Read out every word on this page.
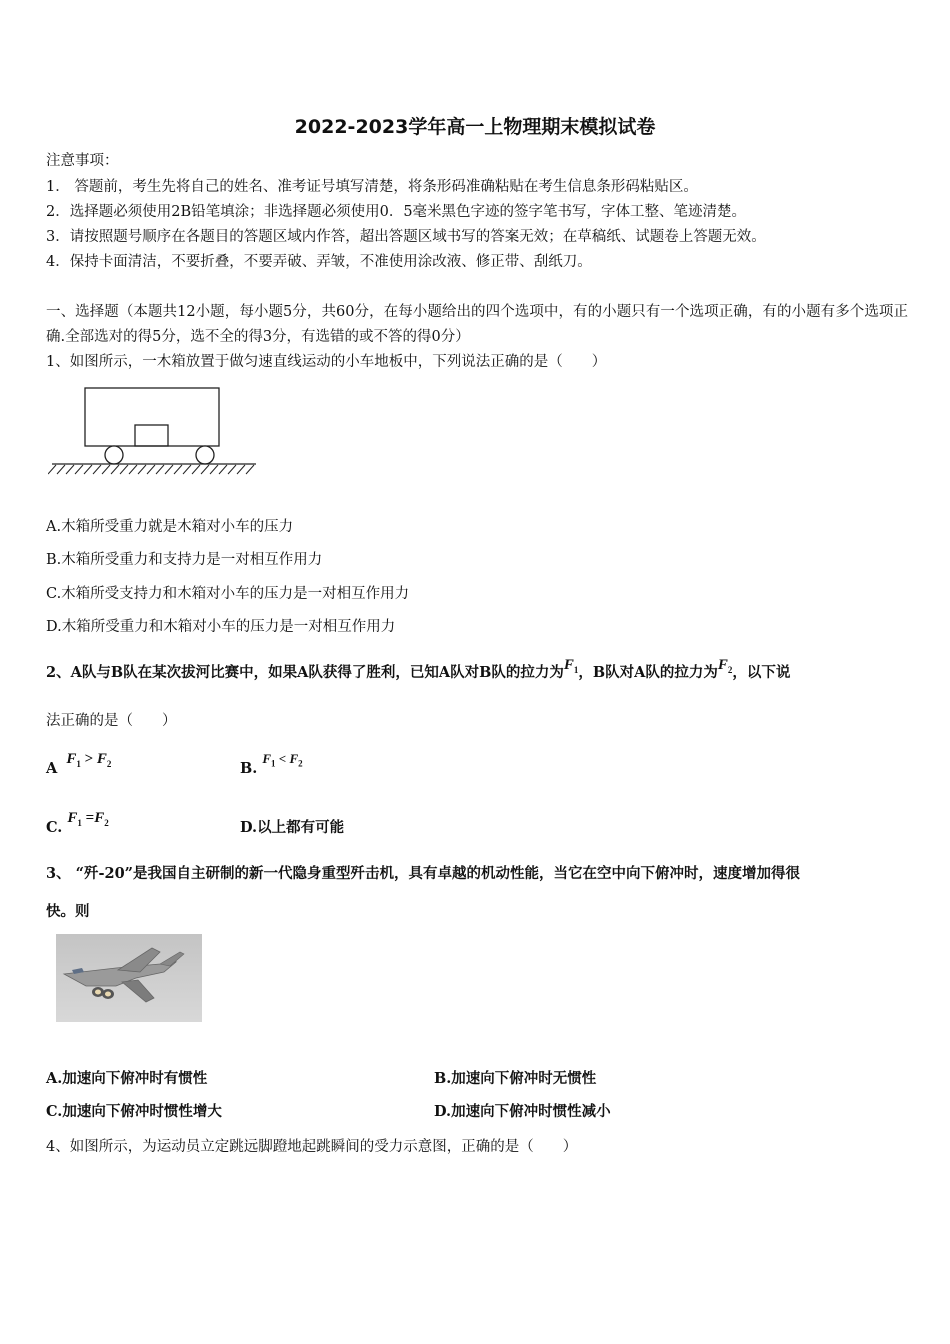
2022-2023学年高一上物理期末模拟试卷
注意事项：
1． 答题前，考生先将自己的姓名、准考证号填写清楚，将条形码准确粘贴在考生信息条形码粘贴区。
2．选择题必须使用2B铅笔填涂；非选择题必须使用0．5毫米黑色字迹的签字笔书写，字体工整、笔迹清楚。
3．请按照题号顺序在各题目的答题区域内作答，超出答题区域书写的答案无效；在草稿纸、试题卷上答题无效。
4．保持卡面清洁，不要折叠，不要弄破、弄皱，不准使用涂改液、修正带、刮纸刀。
一、选择题（本题共12小题，每小题5分，共60分，在每小题给出的四个选项中，有的小题只有一个选项正确，有的小题有多个选项正确.全部选对的得5分，选不全的得3分，有选错的或不答的得0分）
1、如图所示，一木箱放置于做匀速直线运动的小车地板中，下列说法正确的是（　　）
A.木箱所受重力就是木箱对小车的压力
B.木箱所受重力和支持力是一对相互作用力
C.木箱所受支持力和木箱对小车的压力是一对相互作用力
D.木箱所受重力和木箱对小车的压力是一对相互作用力
2、A队与B队在某次拔河比赛中，如果A队获得了胜利，已知A队对B队的拉力为$F_1$，B队对A队的拉力为$F_2$，以下说
法正确的是（　　）
A $F_1 > F_2$	B. $F_1 < F_2$
C. $F_1 =F_2$	D.以上都有可能
3、 “歼-20”是我国自主研制的新一代隐身重型歼击机，具有卓越的机动性能，当它在空中向下俯冲时，速度增加得很
快。则
A.加速向下俯冲时有惯性	B.加速向下俯冲时无惯性
C.加速向下俯冲时惯性增大	D.加速向下俯冲时惯性减小
4、如图所示，为运动员立定跳远脚蹬地起跳瞬间的受力示意图，正确的是（　　）
